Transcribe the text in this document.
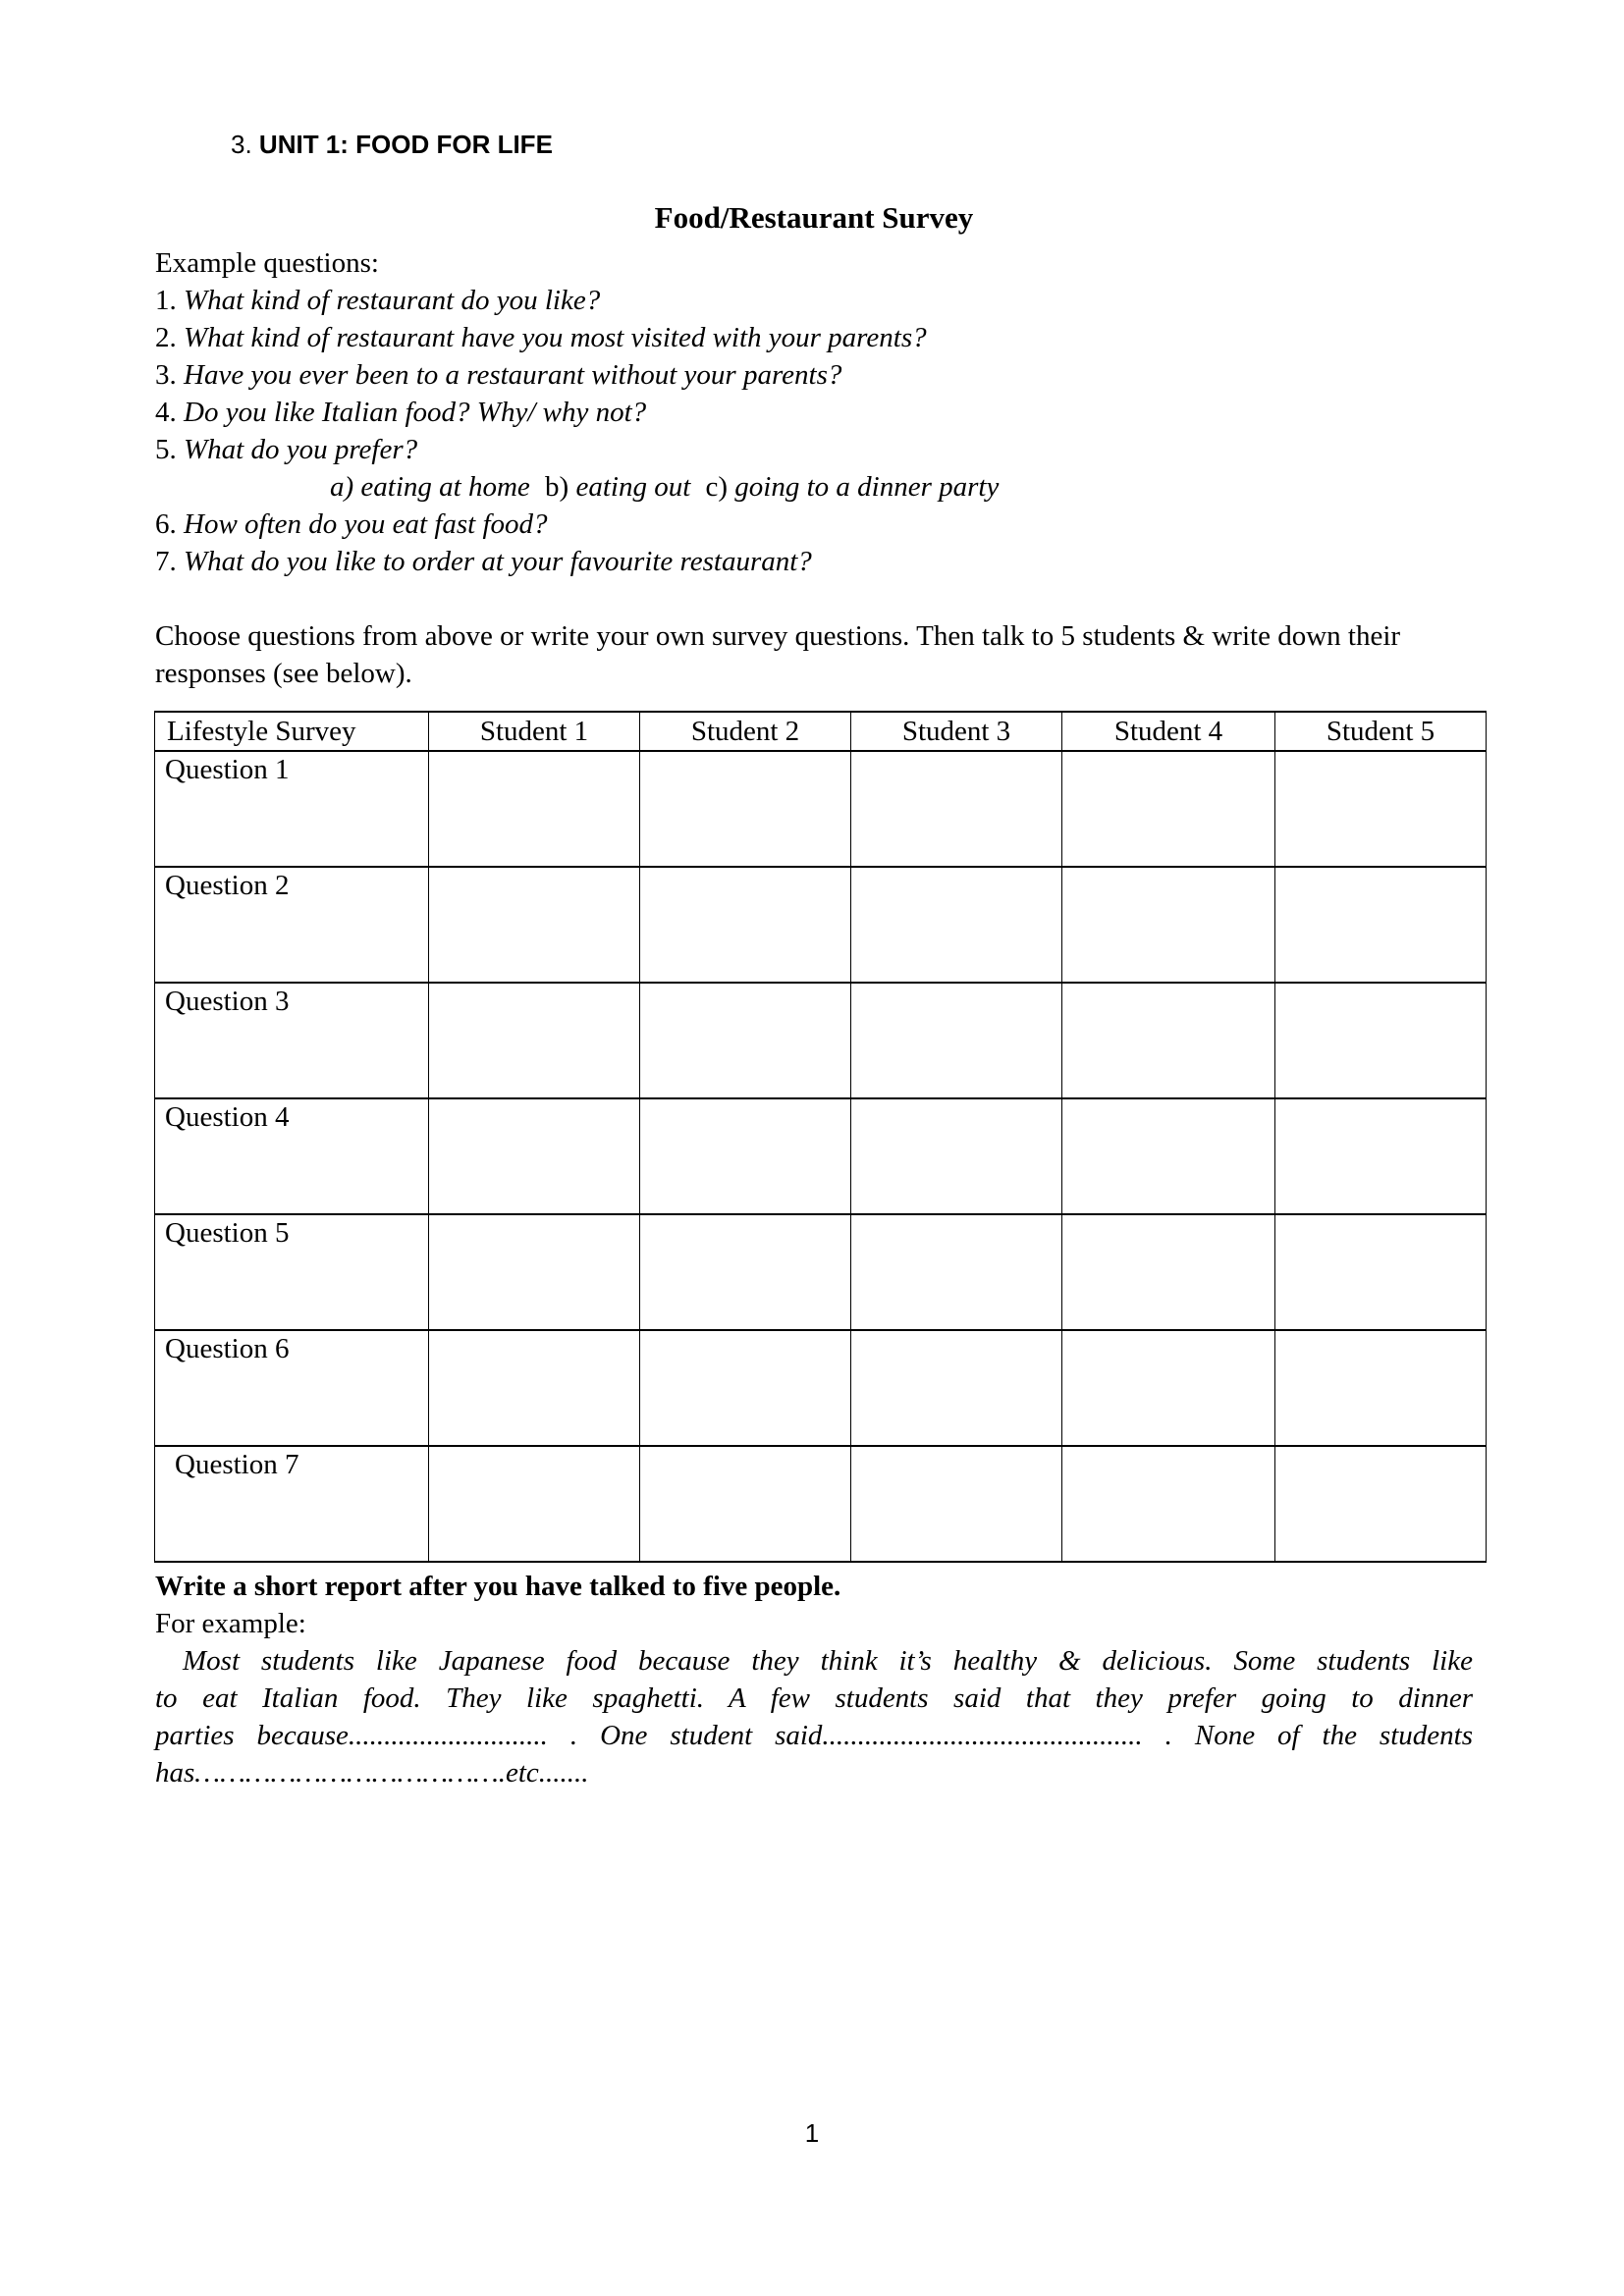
3. UNIT 1: FOOD FOR LIFE
Food/Restaurant Survey
Example questions:
1. What kind of restaurant do you like?
2. What kind of restaurant have you most visited with your parents?
3. Have you ever been to a restaurant without your parents?
4. Do you like Italian food? Why/ why not?
5. What do you prefer?
a) eating at home b) eating out c) going to a dinner party
6. How often do you eat fast food?
7. What do you like to order at your favourite restaurant?
Choose questions from above or write your own survey questions. Then talk to 5 students & write down their responses (see below).
Lifestyle Survey	Student 1	Student 2	Student 3	Student 4	Student 5
Question 1					
Question 2					
Question 3					
Question 4					
Question 5					
Question 6					
Question 7					
Write a short report after you have talked to five people.
For example:
Most students like Japanese food because they think it’s healthy & delicious. Some students like
to eat Italian food. They like spaghetti. A few students said that they prefer going to dinner
parties because............................ . One student said............................................. . None of the students
has……………………………….etc.......
1
